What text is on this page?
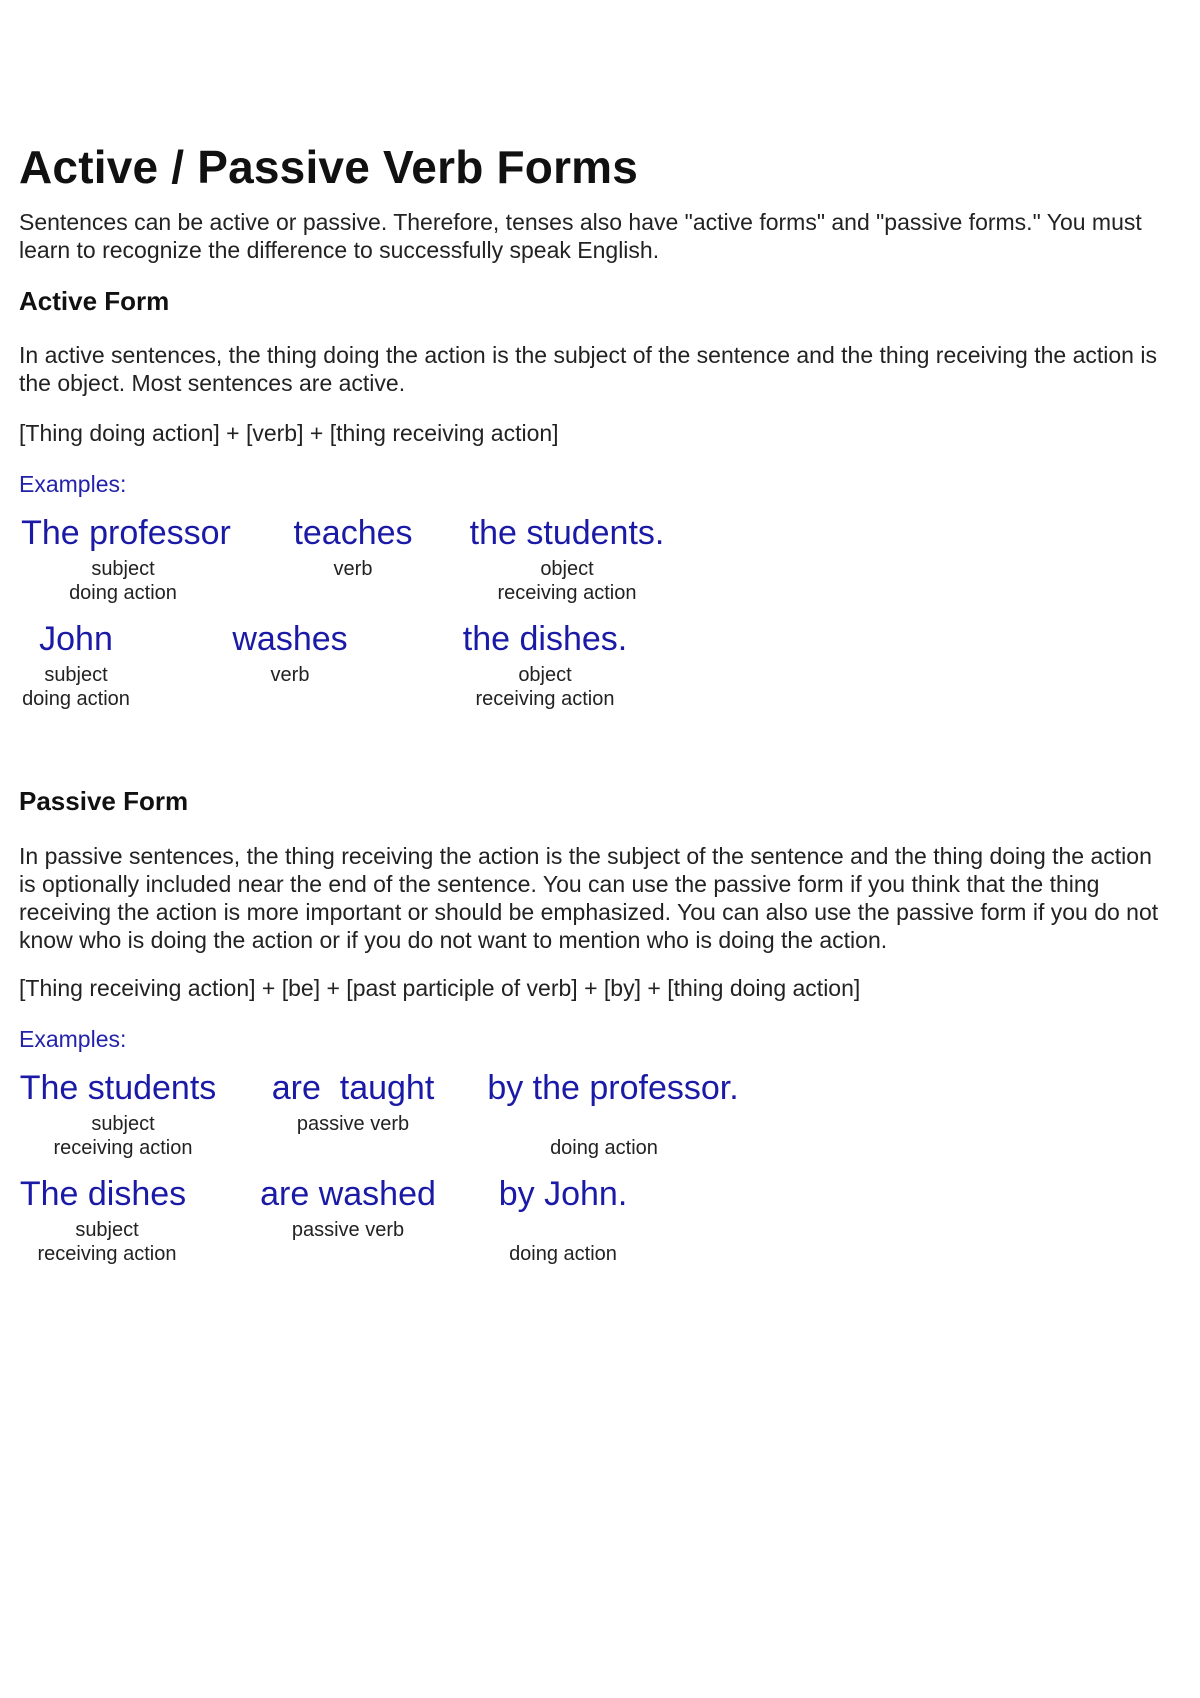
Active / Passive Verb Forms

Sentences can be active or passive. Therefore, tenses also have "active forms" and "passive forms." You must learn to recognize the difference to successfully speak English.

Active Form

In active sentences, the thing doing the action is the subject of the sentence and the thing receiving the action is the object. Most sentences are active.

[Thing doing action] + [verb] + [thing receiving action]

Examples:

The professor
subject
doing action
teaches
verb
the students.
object
receiving action
John
subject
doing action
washes
verb
the dishes.
object
receiving action
Passive Form

In passive sentences, the thing receiving the action is the subject of the sentence and the thing doing the action is optionally included near the end of the sentence. You can use the passive form if you think that the thing receiving the action is more important or should be emphasized. You can also use the passive form if you do not know who is doing the action or if you do not want to mention who is doing the action.

[Thing receiving action] + [be] + [past participle of verb] + [by] + [thing doing action]

Examples:

The students
subject
receiving action
are  taught
passive verb
by the professor.
doing action
The dishes
subject
receiving action
are washed
passive verb
by John.
doing action
